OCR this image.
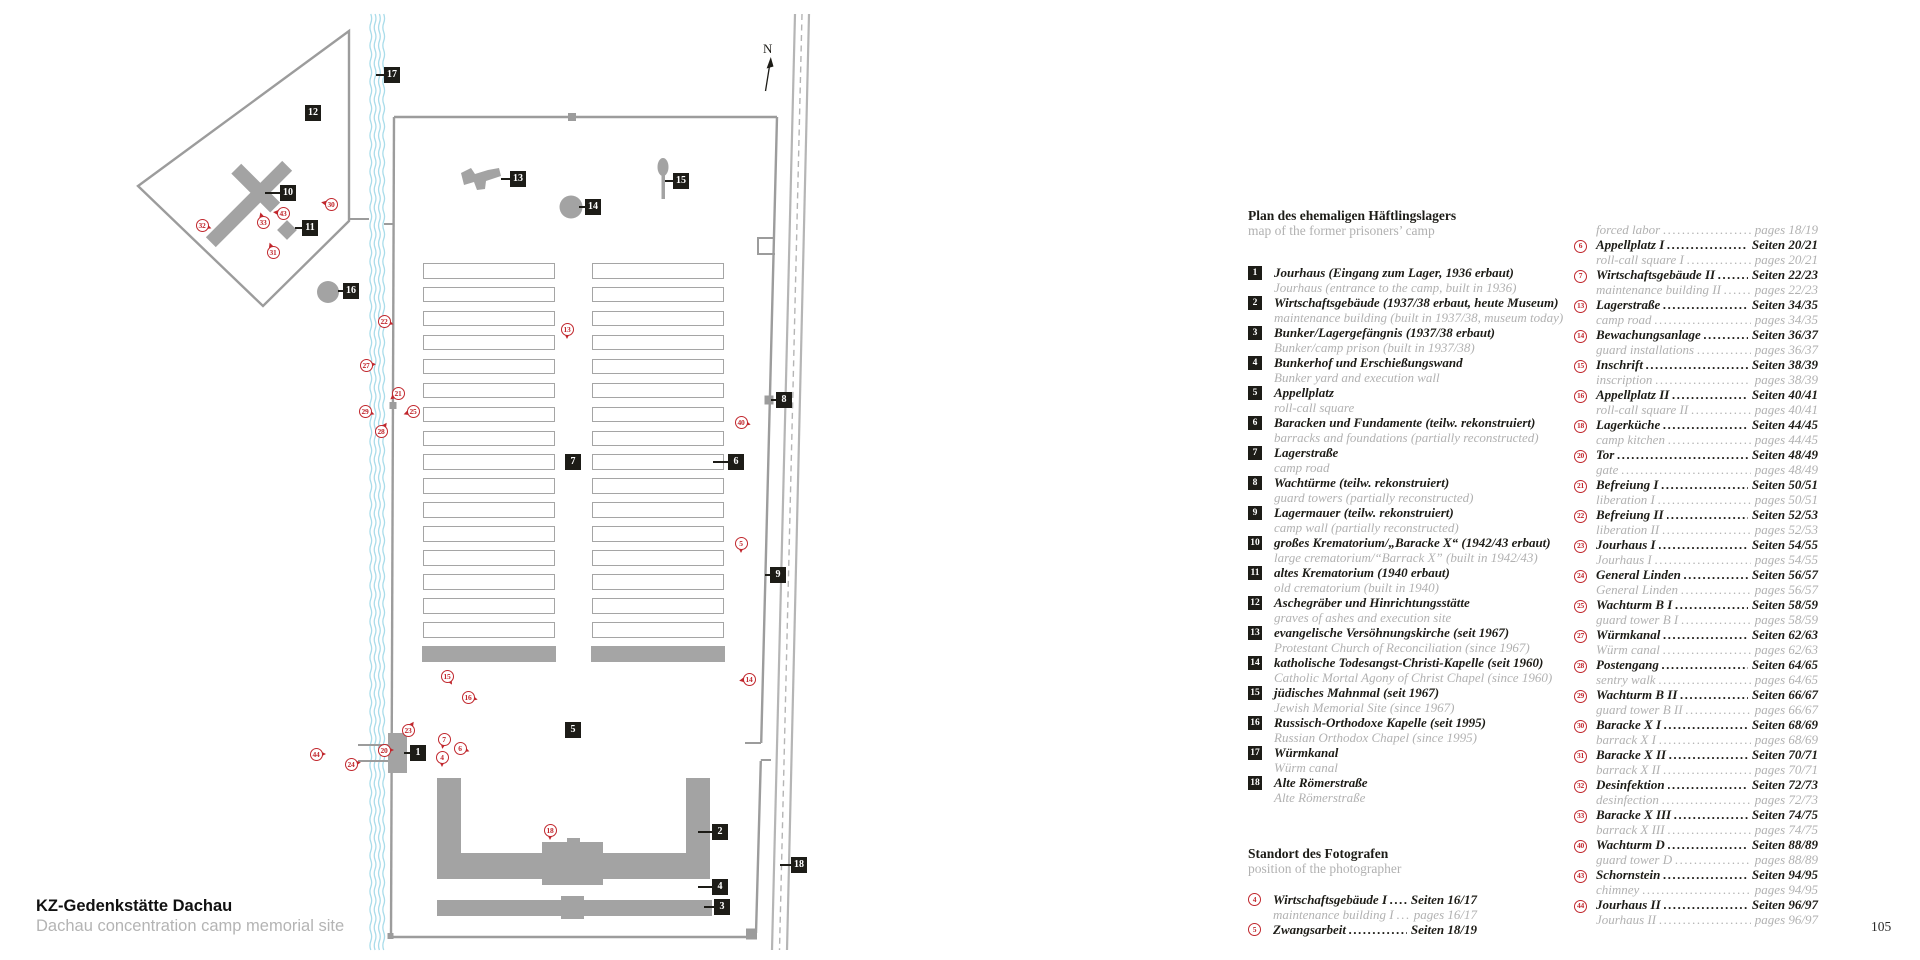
N
17
12
13	15
10
14
11
16
8
7	6
9
5
1
2
18
4
3
30
43
33
32
31
22
13
27
21
25
29
40
28
5
15	14
16
23
7
6
20
44	4
24
18
Plan des ehemaligen Häftlingslagers
map of the former prisoners’ camp
1	Jourhaus (Eingang zum Lager, 1936 erbaut)
Jourhaus (entrance to the camp, built in 1936)
2	Wirtschaftsgebäude (1937/38 erbaut, heute Museum)
maintenance building (built in 1937/38, museum today)
3	Bunker/Lagergefängnis (1937/38 erbaut)
Bunker/camp prison (built in 1937/38)
4	Bunkerhof und Erschießungswand
Bunker yard and execution wall
5	Appellplatz
roll-call square
6	Baracken und Fundamente (teilw. rekonstruiert)
barracks and foundations (partially reconstructed)
7	Lagerstraße
camp road
8	Wachtürme (teilw. rekonstruiert)
guard towers (partially reconstructed)
9	Lagermauer (teilw. rekonstruiert)
camp wall (partially reconstructed)
10 großes Krematorium/„Baracke X“ (1942/43 erbaut)
large crematorium/“Barrack X” (built in 1942/43)
11 altes Krematorium (1940 erbaut)
old crematorium (built in 1940)
12 Aschegräber und Hinrichtungsstätte
graves of ashes and execution site
13 evangelische Versöhnungskirche (seit 1967)
Protestant Church of Reconciliation (since 1967)
14 katholische Todesangst-Christi-Kapelle (seit 1960)
Catholic Mortal Agony of Christ Chapel (since 1960)
15 jüdisches Mahnmal (seit 1967)
Jewish Memorial Site (since 1967)
16 Russisch-Orthodoxe Kapelle (seit 1995)
Russian Orthodox Chapel (since 1995)
17 Würmkanal
Würm canal
18 Alte Römerstraße
Alte Römerstraße
Standort des Fotografen
position of the photographer
4	Wirtschaftsgebäude I ..... Seiten 16/17
maintenance building I ..... pages 16/17
5	Zwangsarbeit .....	Seiten 18/19
forced labor .....	pages 18/19
6	Appellplatz I .....	Seiten 20/21
roll-call square I .....	pages 20/21
7	Wirtschaftsgebäude II .....	Seiten 22/23
maintenance building II .....	pages 22/23
13 Lagerstraße .....	Seiten 34/35
camp road .....	pages 34/35
14 Bewachungsanlage .....	Seiten 36/37
guard installations .....	pages 36/37
15 Inschrift .....	Seiten 38/39
inscription .....	pages 38/39
16 Appellplatz II .....	Seiten 40/41
roll-call square II .....	pages 40/41
18 Lagerküche .....	Seiten 44/45
camp kitchen .....	pages 44/45
20 Tor .....	Seiten 48/49
gate .....	pages 48/49
21 Befreiung I .....	Seiten 50/51
liberation I .....	pages 50/51
22 Befreiung II .....	Seiten 52/53
liberation II .....	pages 52/53
23 Jourhaus I .....	Seiten 54/55
Jourhaus I .....	pages 54/55
24 General Linden .....	Seiten 56/57
General Linden .....	pages 56/57
25 Wachturm B I .....	Seiten 58/59
guard tower B I .....	pages 58/59
27 Würmkanal .....	Seiten 62/63
Würm canal .....	pages 62/63
28 Postengang .....	Seiten 64/65
sentry walk .....	pages 64/65
29 Wachturm B II .....	Seiten 66/67
guard tower B II .....	pages 66/67
30 Baracke X I .....	Seiten 68/69
barrack X I .....	pages 68/69
31 Baracke X II .....	Seiten 70/71
barrack X II .....	pages 70/71
32 Desinfektion .....	Seiten 72/73
desinfection .....	pages 72/73
33 Baracke X III .....	Seiten 74/75
barrack X III .....	pages 74/75
40 Wachturm D .....	Seiten 88/89
guard tower D .....	pages 88/89
43 Schornstein .....	Seiten 94/95
chimney .....	pages 94/95
44 Jourhaus II .....	Seiten 96/97
Jourhaus II .....	pages 96/97
KZ-Gedenkstätte Dachau
Dachau concentration camp memorial site	105
